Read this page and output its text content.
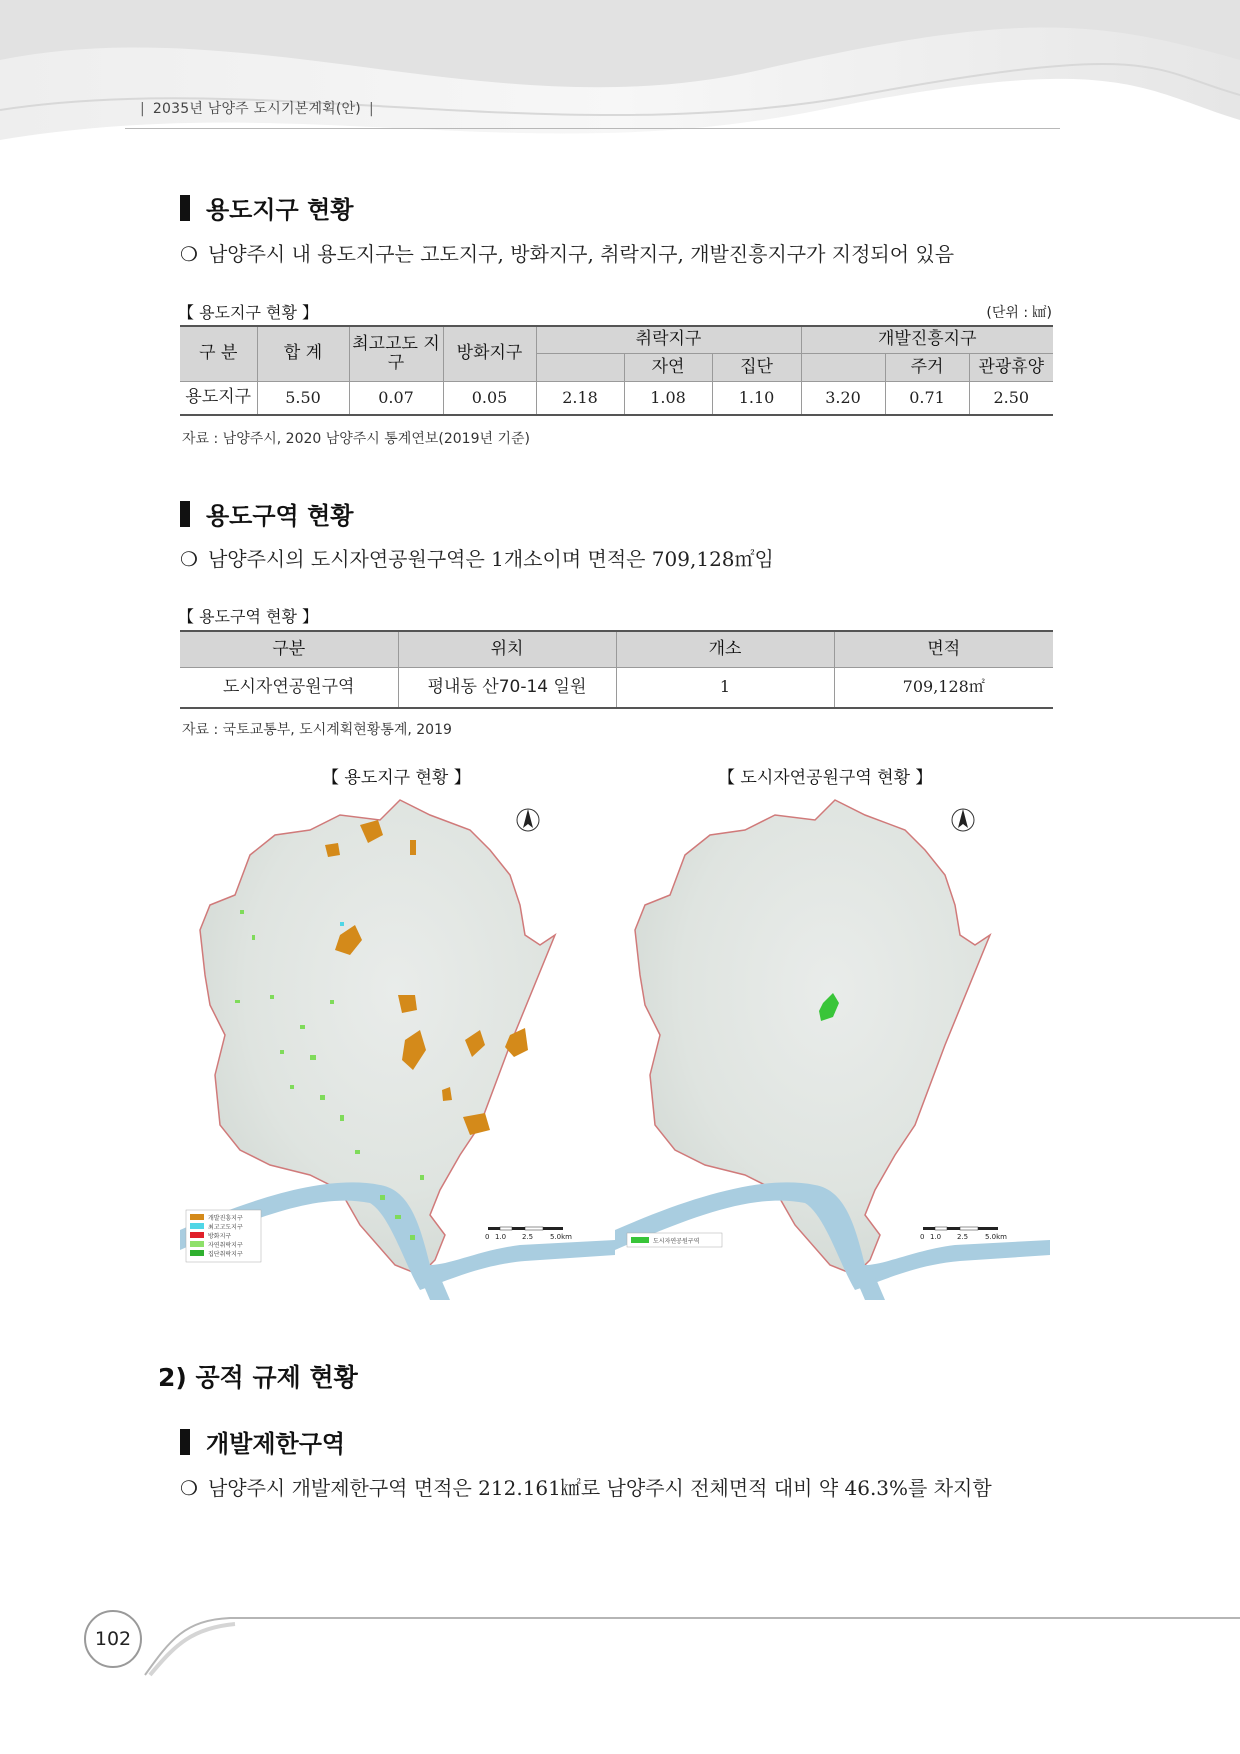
| 2035년 남양주 도시기본계획(안) |
용도지구 현황
❍ 남양주시 내 용도지구는 고도지구, 방화지구, 취락지구, 개발진흥지구가 지정되어 있음
【 용도지구 현황 】	(단위 : ㎢)
구 분	합 계	최고고도 지구	방화지구	취락지구			개발진흥지구		
					자연	집단		주거	관광휴양
용도지구	5.50	0.07	0.05	2.18	1.08	1.10	3.20	0.71	2.50
자료 : 남양주시, 2020 남양주시 통계연보(2019년 기준)
용도구역 현황
❍ 남양주시의 도시자연공원구역은 1개소이며 면적은 709,128㎡임
【 용도구역 현황 】
구분	위치	개소	면적
도시자연공원구역	평내동 산70-14 일원	1	709,128㎡
자료 : 국토교통부, 도시계획현황통계, 2019
【 용도지구 현황 】	【 도시자연공원구역 현황 】
0 1.0 2.5 5.0km
개발진흥지구
최고고도지구
방화지구
자연취락지구
집단취락지구
0 1.0 2.5 5.0km
도시자연공원구역
2) 공적 규제 현황
개발제한구역
❍ 남양주시 개발제한구역 면적은 212.161㎢로 남양주시 전체면적 대비 약 46.3%를 차지함
102
